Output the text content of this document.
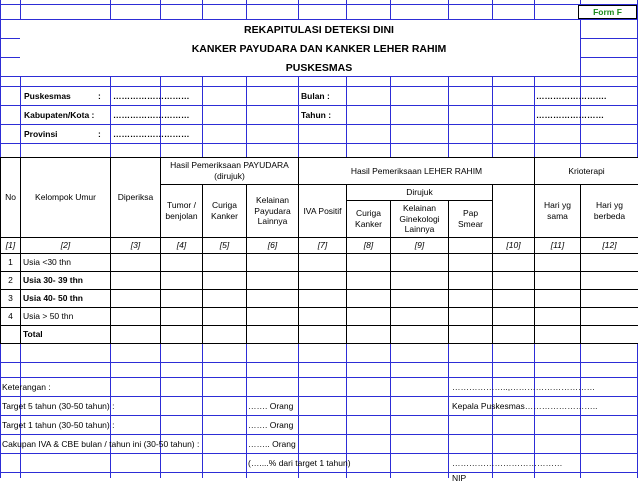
Form F
REKAPITULASI DETEKSI DINI
KANKER PAYUDARA DAN KANKER LEHER RAHIM
PUSKESMAS
Puskesmas	: ………………………
Kabupaten/Kota : ………………………
Provinsi	: ………………………
Bulan :	…………………….
Tahun :	……………………
No	Kelompok Umur	Diperiksa	Hasil Pemeriksaan PAYUDARA (dirujuk)			Hasil Pemeriksaan LEHER RAHIM					Krioterapi	
			Tumor / benjolan	Curiga Kanker	Kelainan Payudara Lainnya	IVA Positif	Dirujuk				Hari yg sama	Hari yg berbeda	
							Curiga Kanker	Kelainan Ginekologi Lainnya	Pap Smear				
[1]	[2]	[3]	[4]	[5]	[6]	[7]	[8]	[9]		[10]	[11]	[12]	
1	Usia <30 thn												
2	Usia 30- 39 thn												
3	Usia 40- 50 thn												
4	Usia > 50 thn												
	Total												
Keterangan :	………………..,…………………………
Target 5 tahun (30-50 tahun) :	……. Orang	Kepala Puskesmas……………………..
Target 1 tahun (30-50 tahun) :	……. Orang
Cakupan IVA & CBE bulan / tahun ini (30-50 tahun) :	…….. Orang
(…....% dari target 1 tahun)	…………………………………
NIP
